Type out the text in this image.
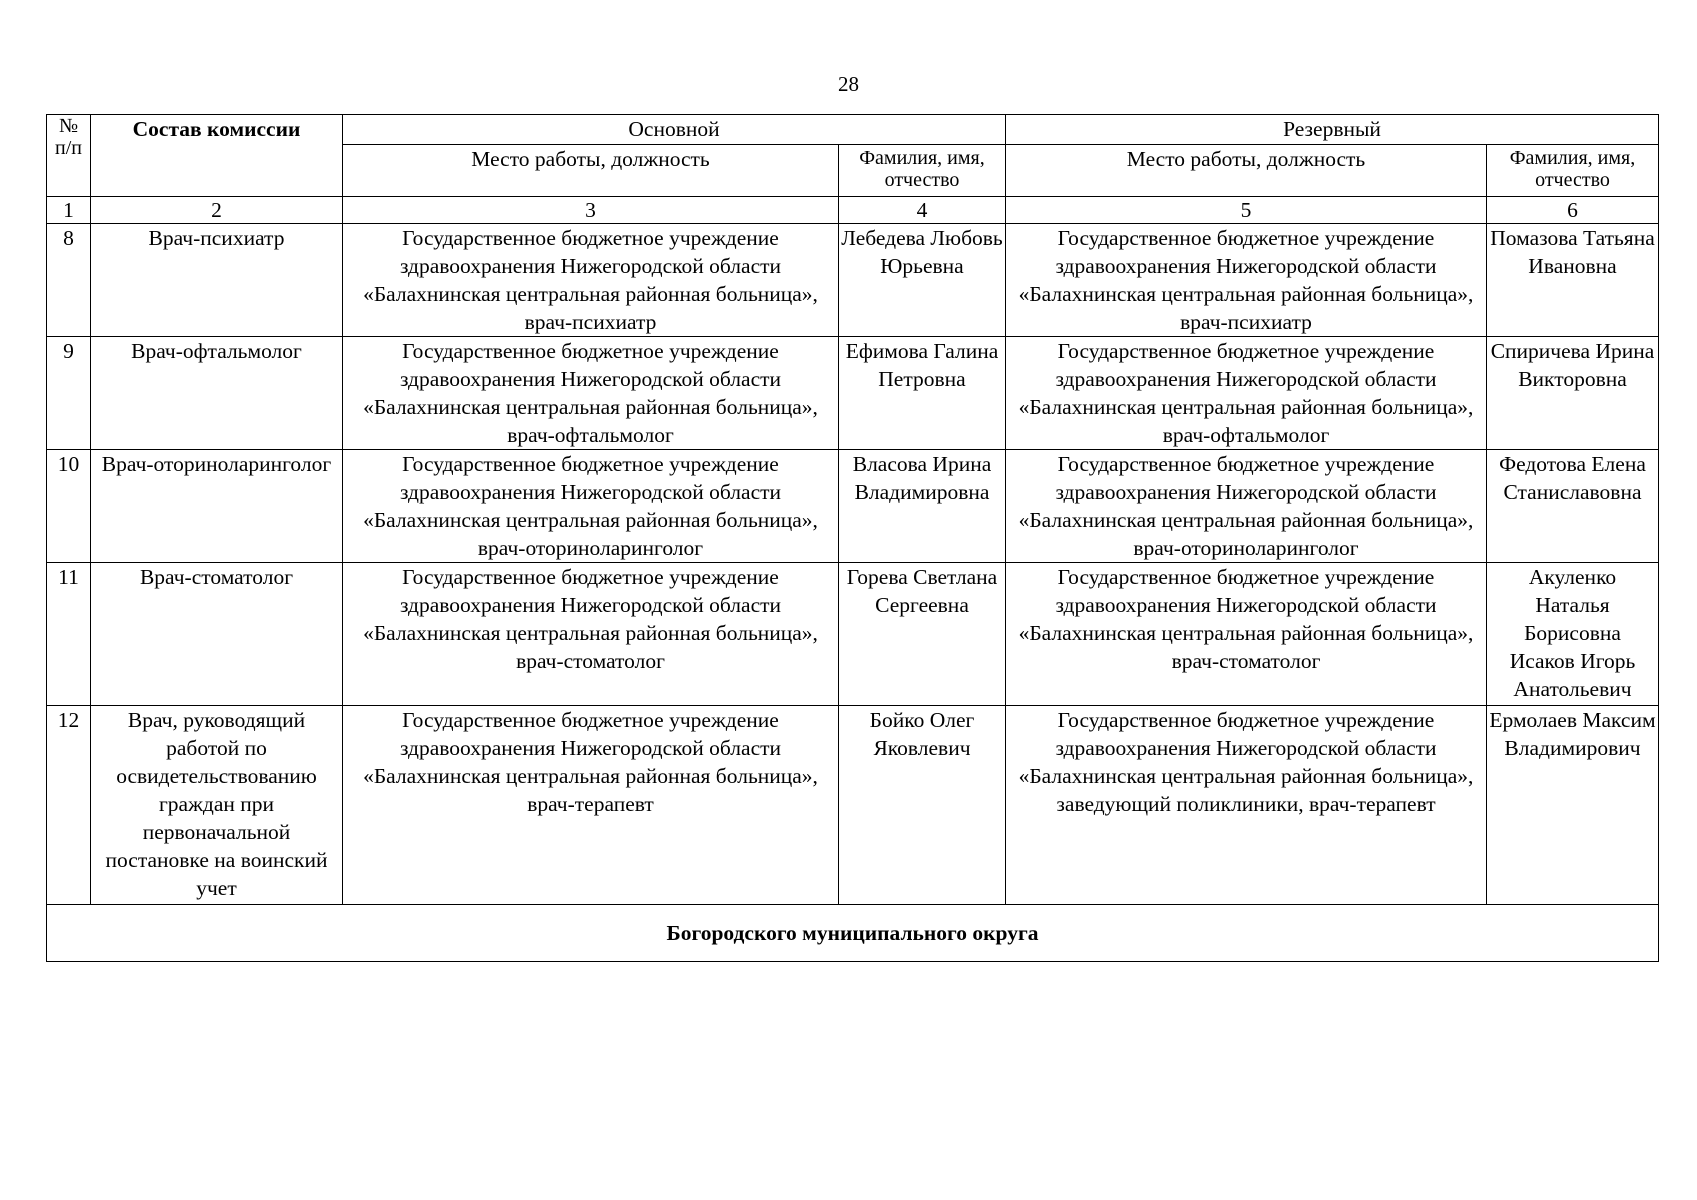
28
№ п/п	Состав комиссии	Основной		Резервный	
		Место работы, должность	Фамилия, имя, отчество	Место работы, должность	Фамилия, имя, отчество
1	2	3	4	5	6
8	Врач-психиатр	Государственное бюджетное учреждение здравоохранения Нижегородской области «Балахнинская центральная районная больница», врач-психиатр	Лебедева Любовь Юрьевна	Государственное бюджетное учреждение здравоохранения Нижегородской области «Балахнинская центральная районная больница», врач-психиатр	Помазова Татьяна Ивановна
9	Врач-офтальмолог	Государственное бюджетное учреждение здравоохранения Нижегородской области «Балахнинская центральная районная больница», врач-офтальмолог	Ефимова Галина Петровна	Государственное бюджетное учреждение здравоохранения Нижегородской области «Балахнинская центральная районная больница», врач-офтальмолог	Спиричева Ирина Викторовна
10	Врач-оториноларинголог	Государственное бюджетное учреждение здравоохранения Нижегородской области «Балахнинская центральная районная больница», врач-оториноларинголог	Власова Ирина Владимировна	Государственное бюджетное учреждение здравоохранения Нижегородской области «Балахнинская центральная районная больница», врач-оториноларинголог	Федотова Елена Станиславовна
11	Врач-стоматолог	Государственное бюджетное учреждение здравоохранения Нижегородской области «Балахнинская центральная районная больница», врач-стоматолог	Горева Светлана Сергеевна	Государственное бюджетное учреждение здравоохранения Нижегородской области «Балахнинская центральная районная больница», врач-стоматолог	Акуленко Наталья Борисовна Исаков Игорь Анатольевич
12	Врач, руководящий работой по освидетельствованию граждан при первоначальной постановке на воинский учет	Государственное бюджетное учреждение здравоохранения Нижегородской области «Балахнинская центральная районная больница», врач-терапевт	Бойко Олег Яковлевич	Государственное бюджетное учреждение здравоохранения Нижегородской области «Балахнинская центральная районная больница», заведующий поликлиники, врач-терапевт	Ермолаев Максим Владимирович
Богородского муниципального округа					
